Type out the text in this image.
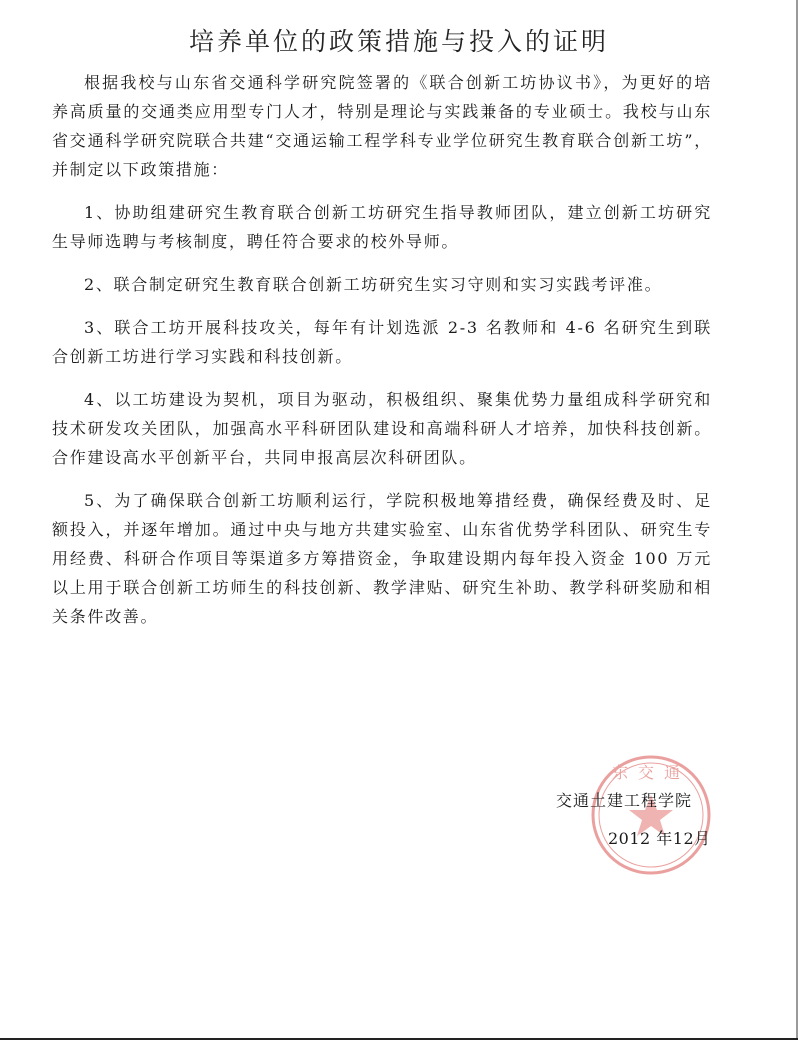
培养单位的政策措施与投入的证明

根据我校与山东省交通科学研究院签署的《联合创新工坊协议书》，为更好的培养高质量的交通类应用型专门人才，特别是理论与实践兼备的专业硕士。我校与山东省交通科学研究院联合共建“交通运输工程学科专业学位研究生教育联合创新工坊”，并制定以下政策措施：

1、协助组建研究生教育联合创新工坊研究生指导教师团队，建立创新工坊研究生导师选聘与考核制度，聘任符合要求的校外导师。

2、联合制定研究生教育联合创新工坊研究生实习守则和实习实践考评准。

3、联合工坊开展科技攻关，每年有计划选派 2-3 名教师和 4-6 名研究生到联合创新工坊进行学习实践和科技创新。

4、以工坊建设为契机，项目为驱动，积极组织、聚集优势力量组成科学研究和技术研发攻关团队，加强高水平科研团队建设和高端科研人才培养，加快科技创新。合作建设高水平创新平台，共同申报高层次科研团队。

5、为了确保联合创新工坊顺利运行，学院积极地筹措经费，确保经费及时、足额投入，并逐年增加。通过中央与地方共建实验室、山东省优势学科团队、研究生专用经费、科研合作项目等渠道多方筹措资金，争取建设期内每年投入资金 100 万元以上用于联合创新工坊师生的科技创新、教学津贴、研究生补助、教学科研奖励和相关条件改善。

东交通
交通土建工程学院
2012 年12月
